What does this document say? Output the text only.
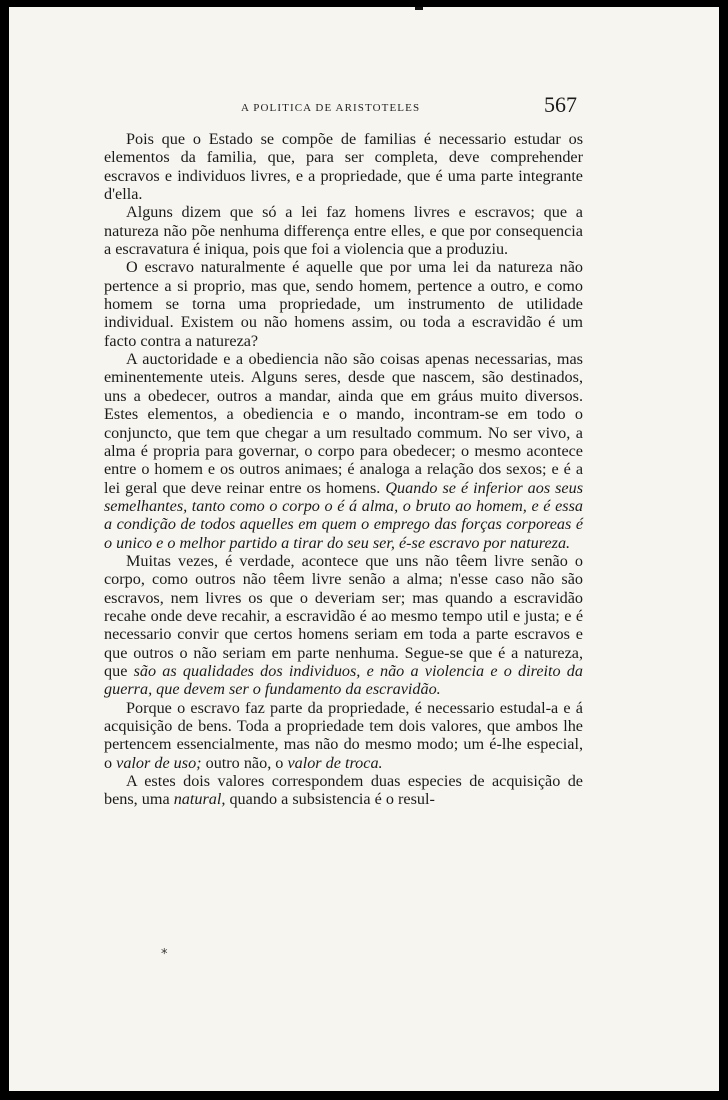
A POLITICA DE ARISTOTELES	567

Pois que o Estado se compõe de familias é necessario estudar os elementos da familia, que, para ser completa, deve comprehender escravos e individuos livres, e a propriedade, que é uma parte integrante d'ella.

Alguns dizem que só a lei faz homens livres e escravos; que a natureza não põe nenhuma differença entre elles, e que por consequencia a escravatura é iniqua, pois que foi a violencia que a produziu.

O escravo naturalmente é aquelle que por uma lei da natureza não pertence a si proprio, mas que, sendo homem, pertence a outro, e como homem se torna uma propriedade, um instrumento de utilidade individual. Existem ou não homens assim, ou toda a escravidão é um facto contra a natureza?

A auctoridade e a obediencia não são coisas apenas necessarias, mas eminentemente uteis. Alguns seres, desde que nascem, são destinados, uns a obedecer, outros a mandar, ainda que em gráus muito diversos. Estes elementos, a obediencia e o mando, incontram-se em todo o conjuncto, que tem que chegar a um resultado commum. No ser vivo, a alma é propria para governar, o corpo para obedecer; o mesmo acontece entre o homem e os outros animaes; é analoga a relação dos sexos; e é a lei geral que deve reinar entre os homens. Quando se é inferior aos seus semelhantes, tanto como o corpo o é á alma, o bruto ao homem, e é essa a condição de todos aquelles em quem o emprego das forças corporeas é o unico e o melhor partido a tirar do seu ser, é-se escravo por natureza.

Muitas vezes, é verdade, acontece que uns não têem livre senão o corpo, como outros não têem livre senão a alma; n'esse caso não são escravos, nem livres os que o deveriam ser; mas quando a escravidão recahe onde deve recahir, a escravidão é ao mesmo tempo util e justa; e é necessario convir que certos homens seriam em toda a parte escravos e que outros o não seriam em parte nenhuma. Segue-se que é a natureza, que são as qualidades dos individuos, e não a violencia e o direito da guerra, que devem ser o fundamento da escravidão.

Porque o escravo faz parte da propriedade, é necessario estudal-a e á acquisição de bens. Toda a propriedade tem dois valores, que ambos lhe pertencem essencialmente, mas não do mesmo modo; um é-lhe especial, o valor de uso; outro não, o valor de troca.

A estes dois valores correspondem duas especies de acquisição de bens, uma natural, quando a subsistencia é o resul-

*
